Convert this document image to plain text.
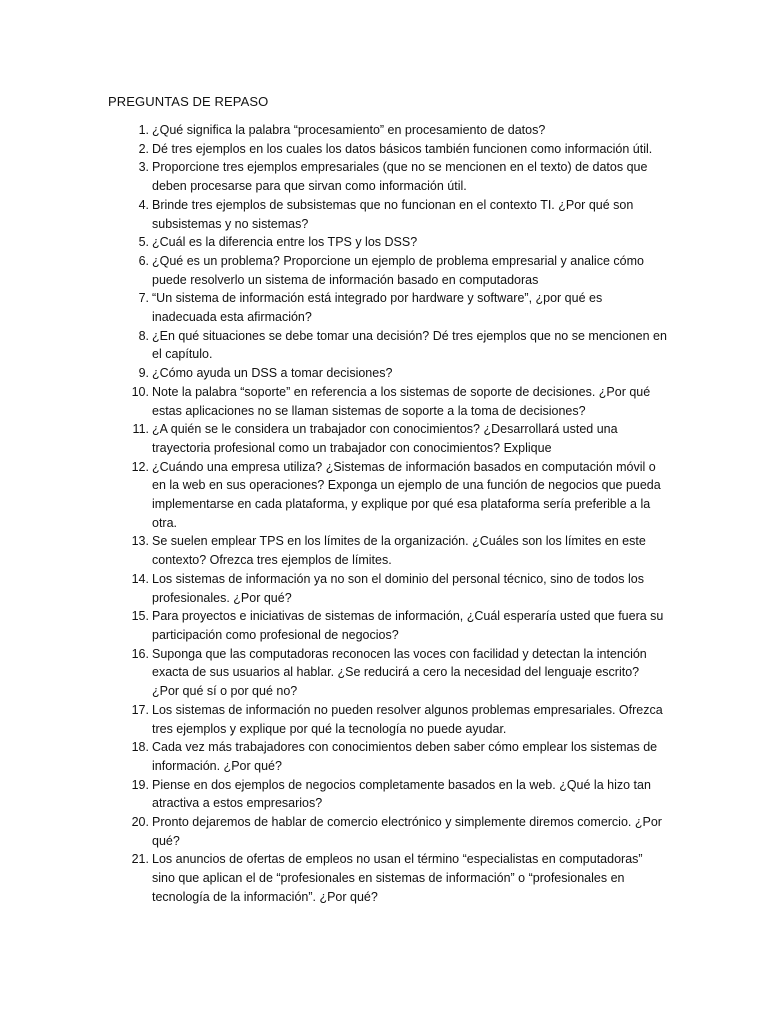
PREGUNTAS DE REPASO
1. ¿Qué significa la palabra “procesamiento” en procesamiento de datos?
2. Dé tres ejemplos en los cuales los datos básicos también funcionen como información útil.
3. Proporcione tres ejemplos empresariales (que no se mencionen en el texto) de datos que deben procesarse para que sirvan como información útil.
4. Brinde tres ejemplos de subsistemas que no funcionan en el contexto TI. ¿Por qué son subsistemas y no sistemas?
5. ¿Cuál es la diferencia entre los TPS y los DSS?
6. ¿Qué es un problema? Proporcione un ejemplo de problema empresarial y analice cómo puede resolverlo un sistema de información basado en computadoras
7. “Un sistema de información está integrado por hardware y software”, ¿por qué es inadecuada esta afirmación?
8. ¿En qué situaciones se debe tomar una decisión? Dé tres ejemplos que no se mencionen en el capítulo.
9. ¿Cómo ayuda un DSS a tomar decisiones?
10. Note la palabra “soporte” en referencia a los sistemas de soporte de decisiones. ¿Por qué estas aplicaciones no se llaman sistemas de soporte a la toma de decisiones?
11. ¿A quién se le considera un trabajador con conocimientos? ¿Desarrollará usted una trayectoria profesional como un trabajador con conocimientos? Explique
12. ¿Cuándo una empresa utiliza? ¿Sistemas de información basados en computación móvil o en la web en sus operaciones? Exponga un ejemplo de una función de negocios que pueda implementarse en cada plataforma, y explique por qué esa plataforma sería preferible a la otra.
13. Se suelen emplear TPS en los límites de la organización. ¿Cuáles son los límites en este contexto? Ofrezca tres ejemplos de límites.
14. Los sistemas de información ya no son el dominio del personal técnico, sino de todos los profesionales. ¿Por qué?
15. Para proyectos e iniciativas de sistemas de información, ¿Cuál esperaría usted que fuera su participación como profesional de negocios?
16. Suponga que las computadoras reconocen las voces con facilidad y detectan la intención exacta de sus usuarios al hablar. ¿Se reducirá a cero la necesidad del lenguaje escrito? ¿Por qué sí o por qué no?
17. Los sistemas de información no pueden resolver algunos problemas empresariales. Ofrezca tres ejemplos y explique por qué la tecnología no puede ayudar.
18. Cada vez más trabajadores con conocimientos deben saber cómo emplear los sistemas de información. ¿Por qué?
19. Piense en dos ejemplos de negocios completamente basados en la web. ¿Qué la hizo tan atractiva a estos empresarios?
20. Pronto dejaremos de hablar de comercio electrónico y simplemente diremos comercio. ¿Por qué?
21. Los anuncios de ofertas de empleos no usan el término “especialistas en computadoras” sino que aplican el de “profesionales en sistemas de información” o “profesionales en tecnología de la información”. ¿Por qué?
